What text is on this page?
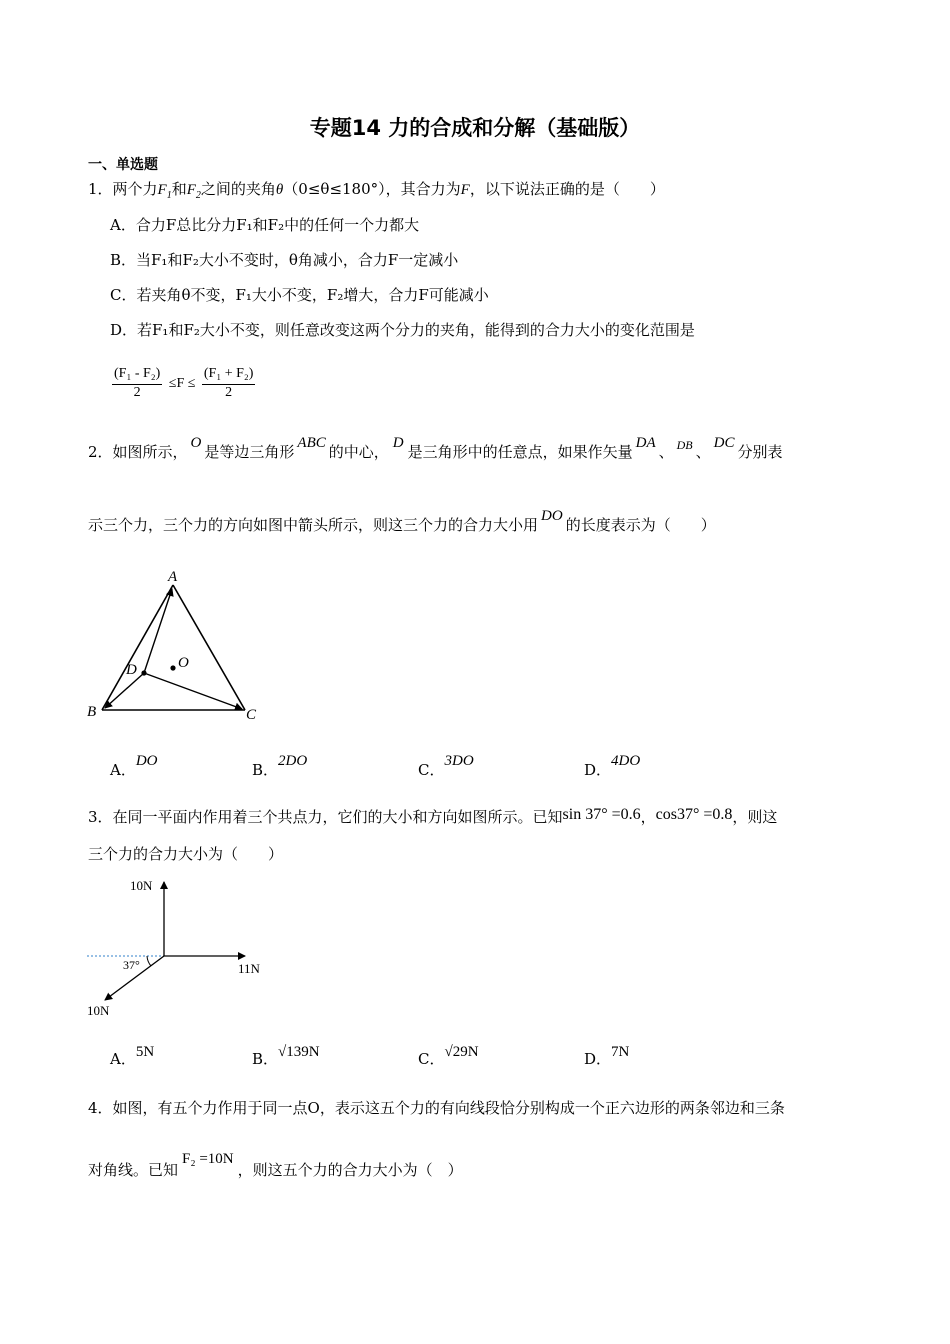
专题14 力的合成和分解（基础版）
一、单选题
1．两个力$F_1$和$F_2$之间的夹角θ（0≤θ≤180°），其合力为F，以下说法正确的是（　　）
A．合力F总比分力F₁和F₂中的任何一个力都大
B．当F₁和F₂大小不变时，θ角减小，合力F一定减小
C．若夹角θ不变，F₁大小不变，F₂增大，合力F可能减小
D．若F₁和F₂大小不变，则任意改变这两个分力的夹角，能得到的合力大小的变化范围是
$\frac{\text{(F₁ - F₂)}}{2} \le F \le \frac{\text{(F₁ + F₂)}}{2}$
2．如图所示， O 是等边三角形 ABC 的中心， D 是三角形中的任意点，如果作矢量 DA 、 $^{DB}$ 、 DC 分别表
示三个力，三个力的方向如图中箭头所示，则这三个力的合力大小用 DO 的长度表示为（　　）
A
B	C
D	O
A．DO	B．2DO	C．3DO	D．4DO
3．在同一平面内作用着三个共点力，它们的大小和方向如图所示。已知sin 37° =0.6，cos37° =0.8，则这
三个力的合力大小为（　　）
10N
11N
10N
37°
A．5N	B．√139N	C．√29N	D．7N
4．如图，有五个力作用于同一点O，表示这五个力的有向线段恰分别构成一个正六边形的两条邻边和三条
对角线。已知F₂ =10N，则这五个力的合力大小为（　）
